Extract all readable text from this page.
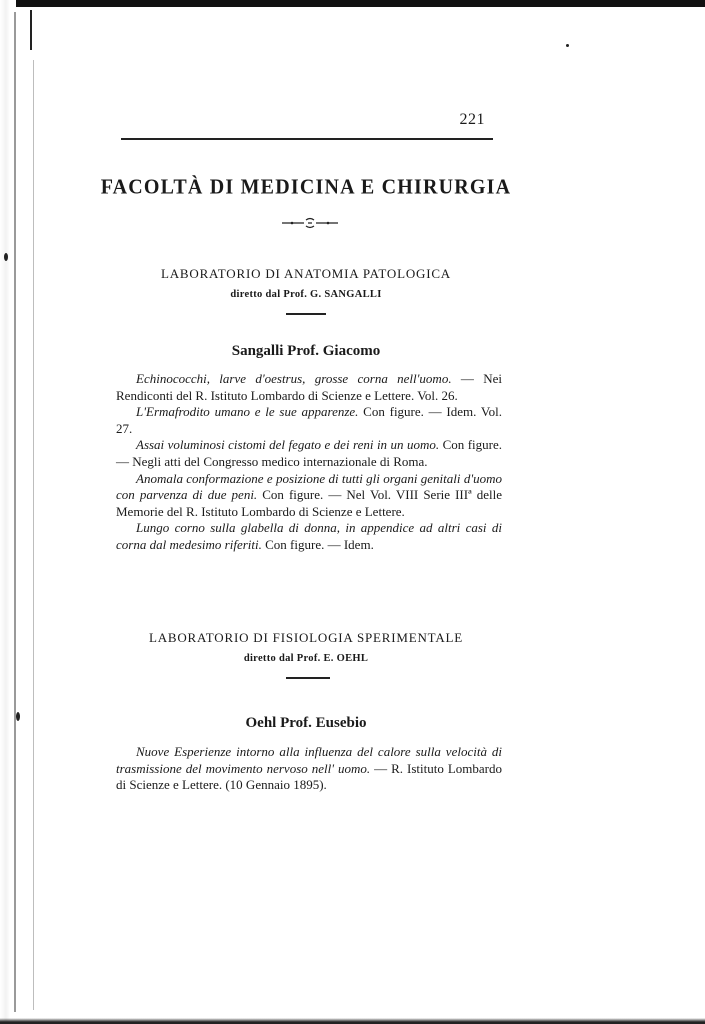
221
FACOLTÀ DI MEDICINA E CHIRURGIA
LABORATORIO DI ANATOMIA PATOLOGICA
diretto dal Prof. G. SANGALLI
Sangalli Prof. Giacomo

Echinococchi, larve d'oestrus, grosse corna nell'uomo. — Nei Rendiconti del R. Istituto Lombardo di Scienze e Lettere. Vol. 26.

L'Ermafrodito umano e le sue apparenze. Con figure. — Idem. Vol. 27.

Assai voluminosi cistomi del fegato e dei reni in un uomo. Con figure. — Negli atti del Congresso medico internazionale di Roma.

Anomala conformazione e posizione di tutti gli organi genitali d'uomo con parvenza di due peni. Con figure. — Nel Vol. VIII Serie IIIª delle Memorie del R. Istituto Lombardo di Scienze e Lettere.

Lungo corno sulla glabella di donna, in appendice ad altri casi di corna dal medesimo riferiti. Con figure. — Idem.

LABORATORIO DI FISIOLOGIA SPERIMENTALE
diretto dal Prof. E. OEHL
Oehl Prof. Eusebio

Nuove Esperienze intorno alla influenza del calore sulla velocità di trasmissione del movimento nervoso nell' uomo. — R. Istituto Lombardo di Scienze e Lettere. (10 Gennaio 1895).
